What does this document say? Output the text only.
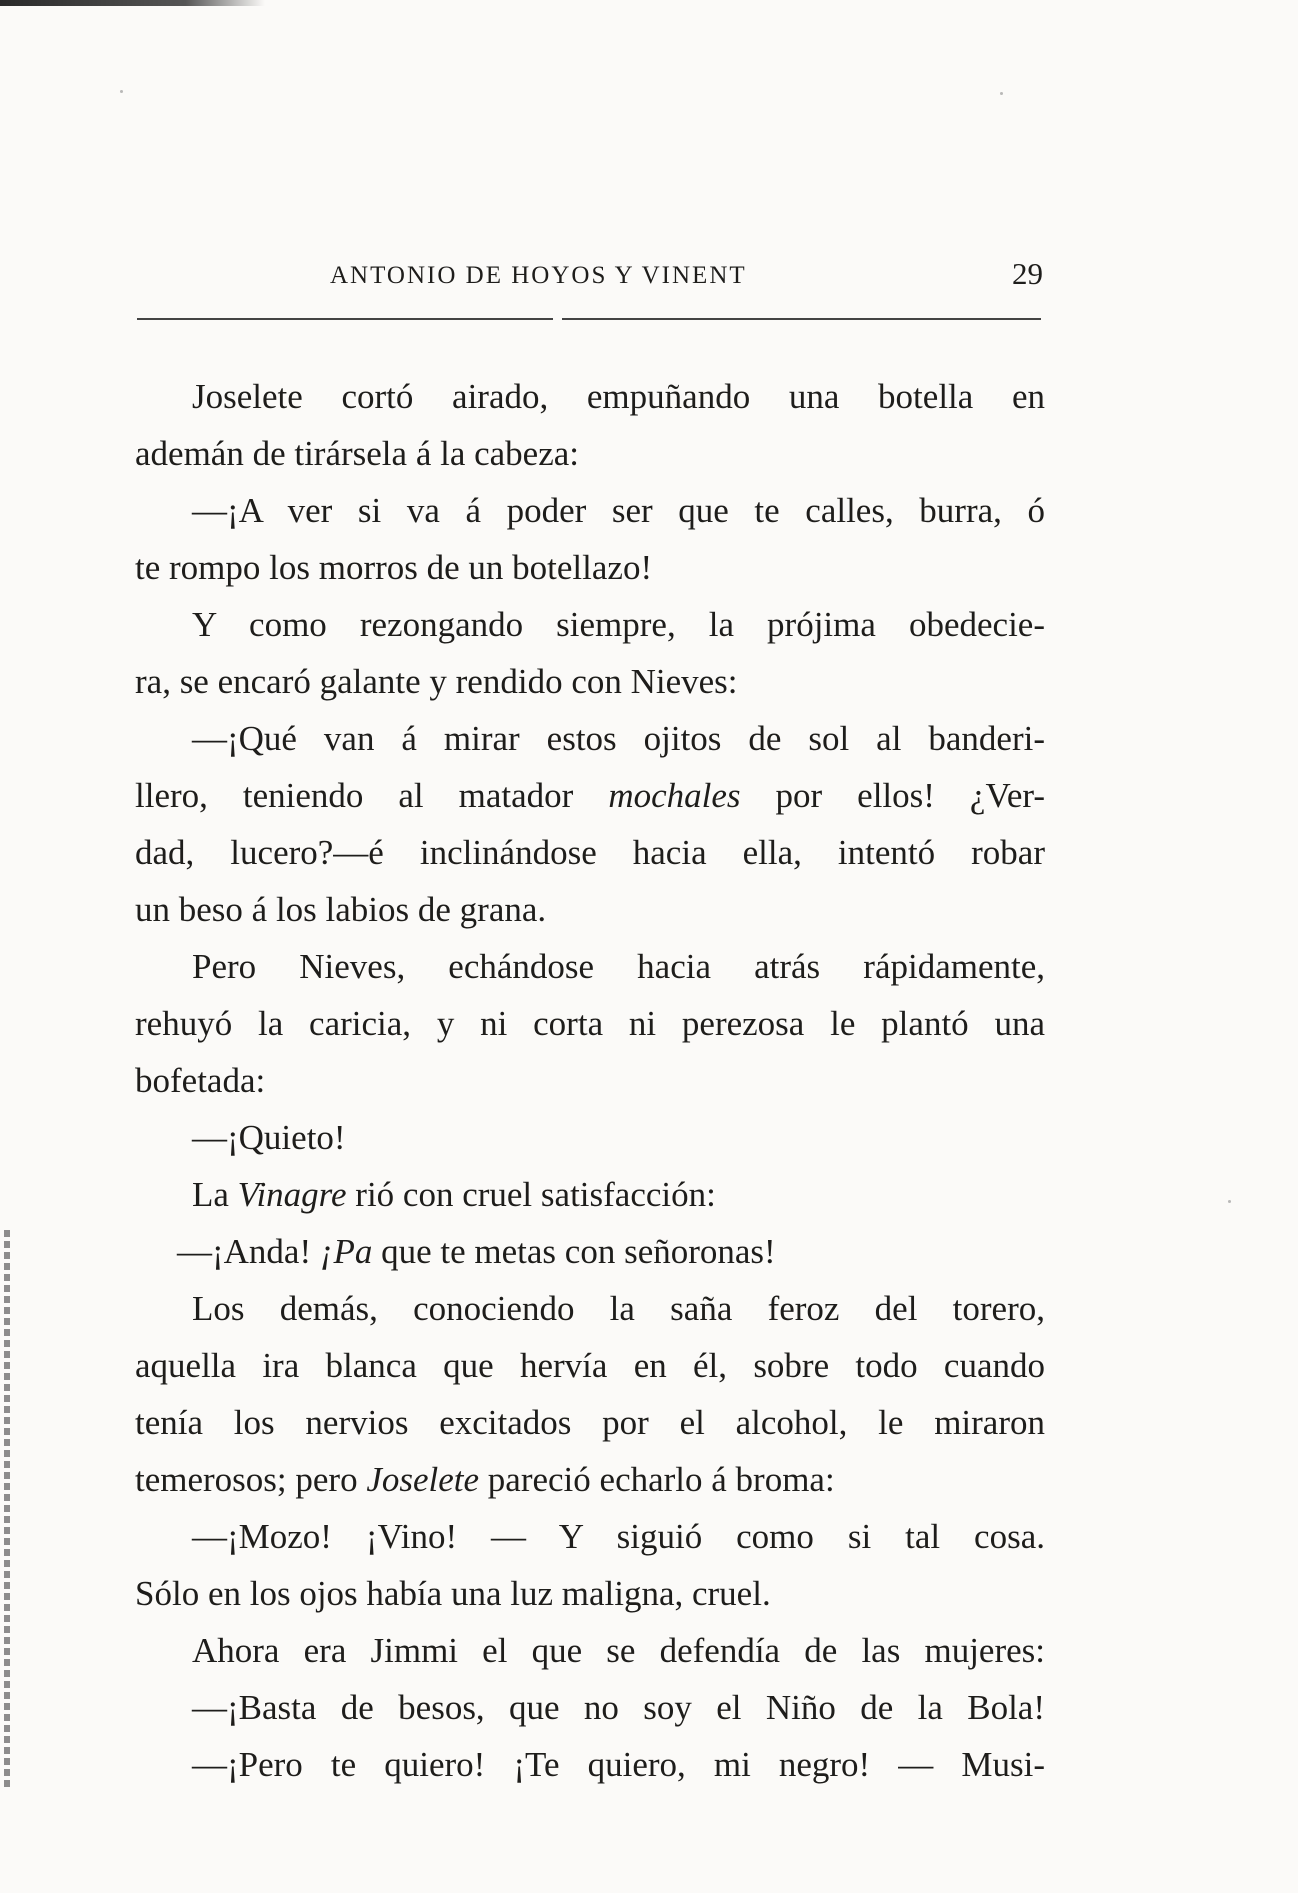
ANTONIO DE HOYOS Y VINENT	29
Joselete cortó airado, empuñando una botella en
ademán de tirársela á la cabeza:
—¡A ver si va á poder ser que te calles, burra, ó
te rompo los morros de un botellazo!
Y como rezongando siempre, la prójima obedecie-
ra, se encaró galante y rendido con Nieves:
—¡Qué van á mirar estos ojitos de sol al banderi-
llero, teniendo al matador mochales por ellos! ¿Ver-
dad, lucero?—é inclinándose hacia ella, intentó robar
un beso á los labios de grana.
Pero Nieves, echándose hacia atrás rápidamente,
rehuyó la caricia, y ni corta ni perezosa le plantó una
bofetada:
—¡Quieto!
La Vinagre rió con cruel satisfacción:
—¡Anda! ¡Pa que te metas con señoronas!
Los demás, conociendo la saña feroz del torero,
aquella ira blanca que hervía en él, sobre todo cuando
tenía los nervios excitados por el alcohol, le miraron
temerosos; pero Joselete pareció echarlo á broma:
—¡Mozo! ¡Vino! — Y siguió como si tal cosa.
Sólo en los ojos había una luz maligna, cruel.
Ahora era Jimmi el que se defendía de las mujeres:
—¡Basta de besos, que no soy el Niño de la Bola!
—¡Pero te quiero! ¡Te quiero, mi negro! — Musi-
